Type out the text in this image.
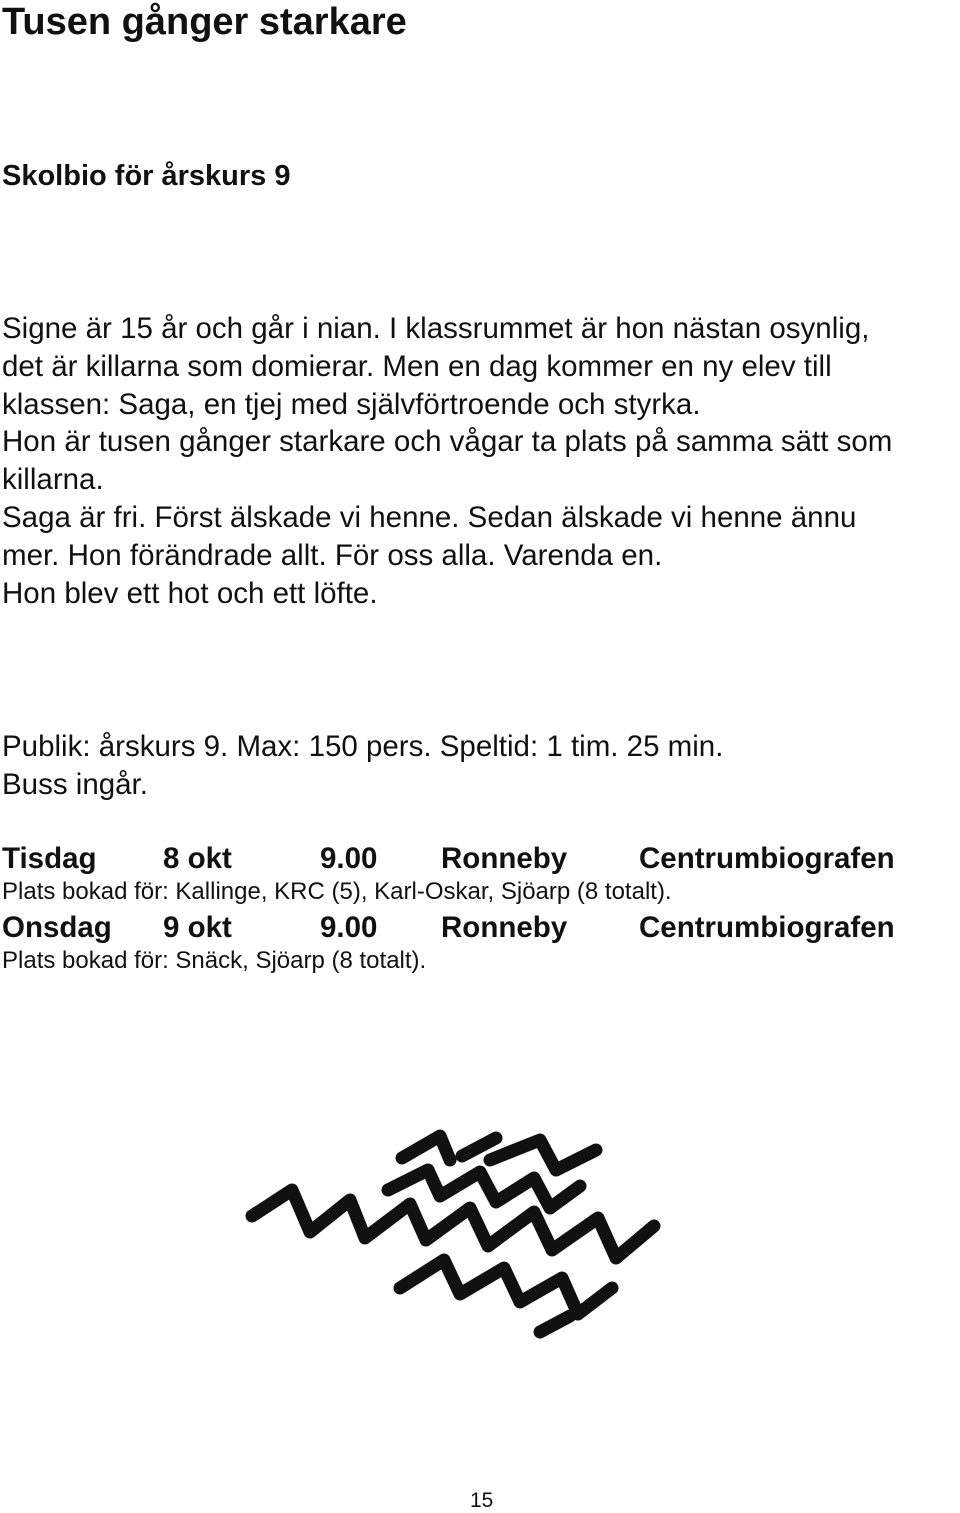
Tusen gånger starkare
Skolbio för årskurs 9
Signe är 15 år och går i nian. I klassrummet är hon nästan osynlig,
det är killarna som domierar. Men en dag kommer en ny elev till
klassen: Saga, en tjej med självförtroende och styrka.
Hon är tusen gånger starkare och vågar ta plats på samma sätt som
killarna.
Saga är fri. Först älskade vi henne. Sedan älskade vi henne ännu
mer. Hon förändrade allt. För oss alla. Varenda en.
Hon blev ett hot och ett löfte.
Publik: årskurs 9. Max: 150 pers. Speltid: 1 tim. 25 min.
Buss ingår.
Tisdag 8 okt	9.00 Ronneby Centrumbiografen
Plats bokad för: Kallinge, KRC (5), Karl-Oskar, Sjöarp (8 totalt).
Onsdag 9 okt	9.00 Ronneby Centrumbiografen
Plats bokad för: Snäck, Sjöarp (8 totalt).
15
